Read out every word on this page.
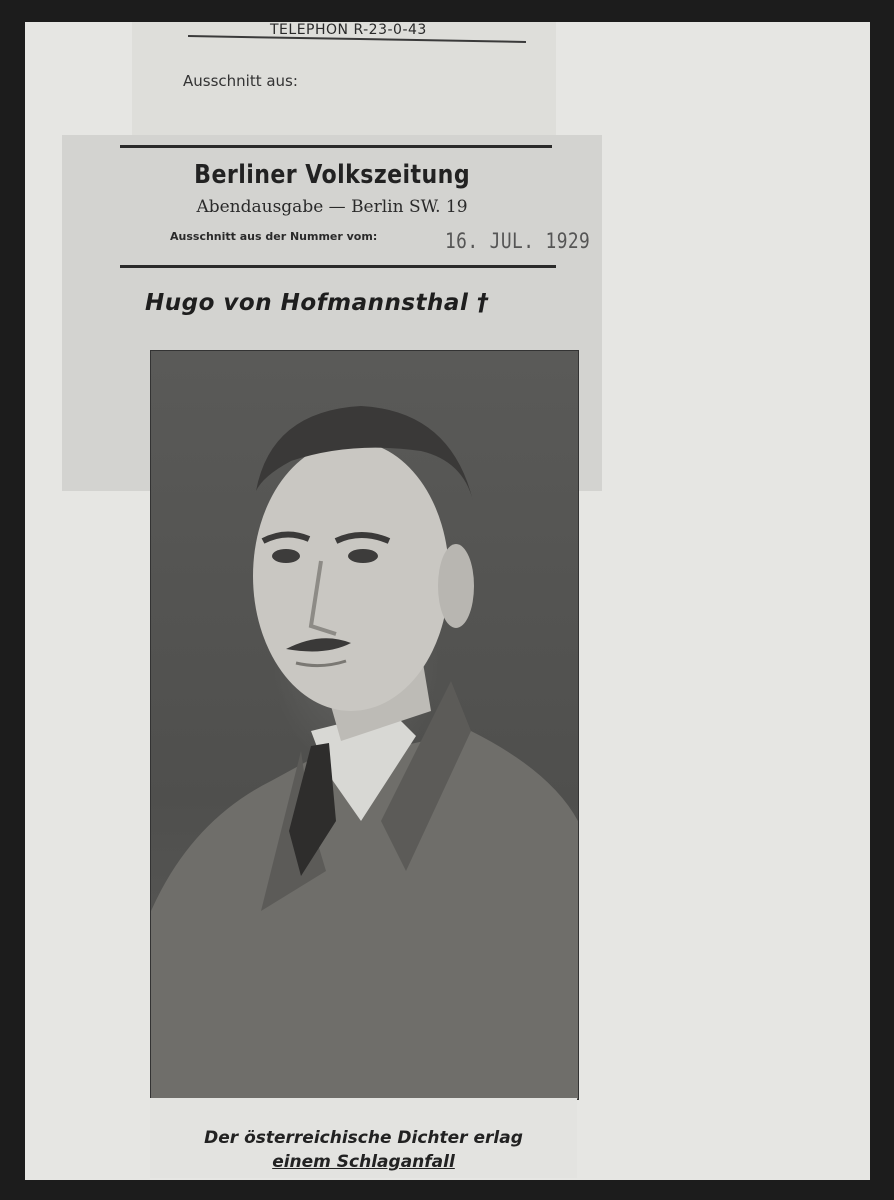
TELEPHON R-23-0-43
Ausschnitt aus:
Berliner Volkszeitung
Abendausgabe — Berlin SW. 19
Ausschnitt aus der Nummer vom:	16. JUL. 1929
Hugo von Hofmannsthal †
Der österreichische Dichter erlag
einem Schlaganfall
